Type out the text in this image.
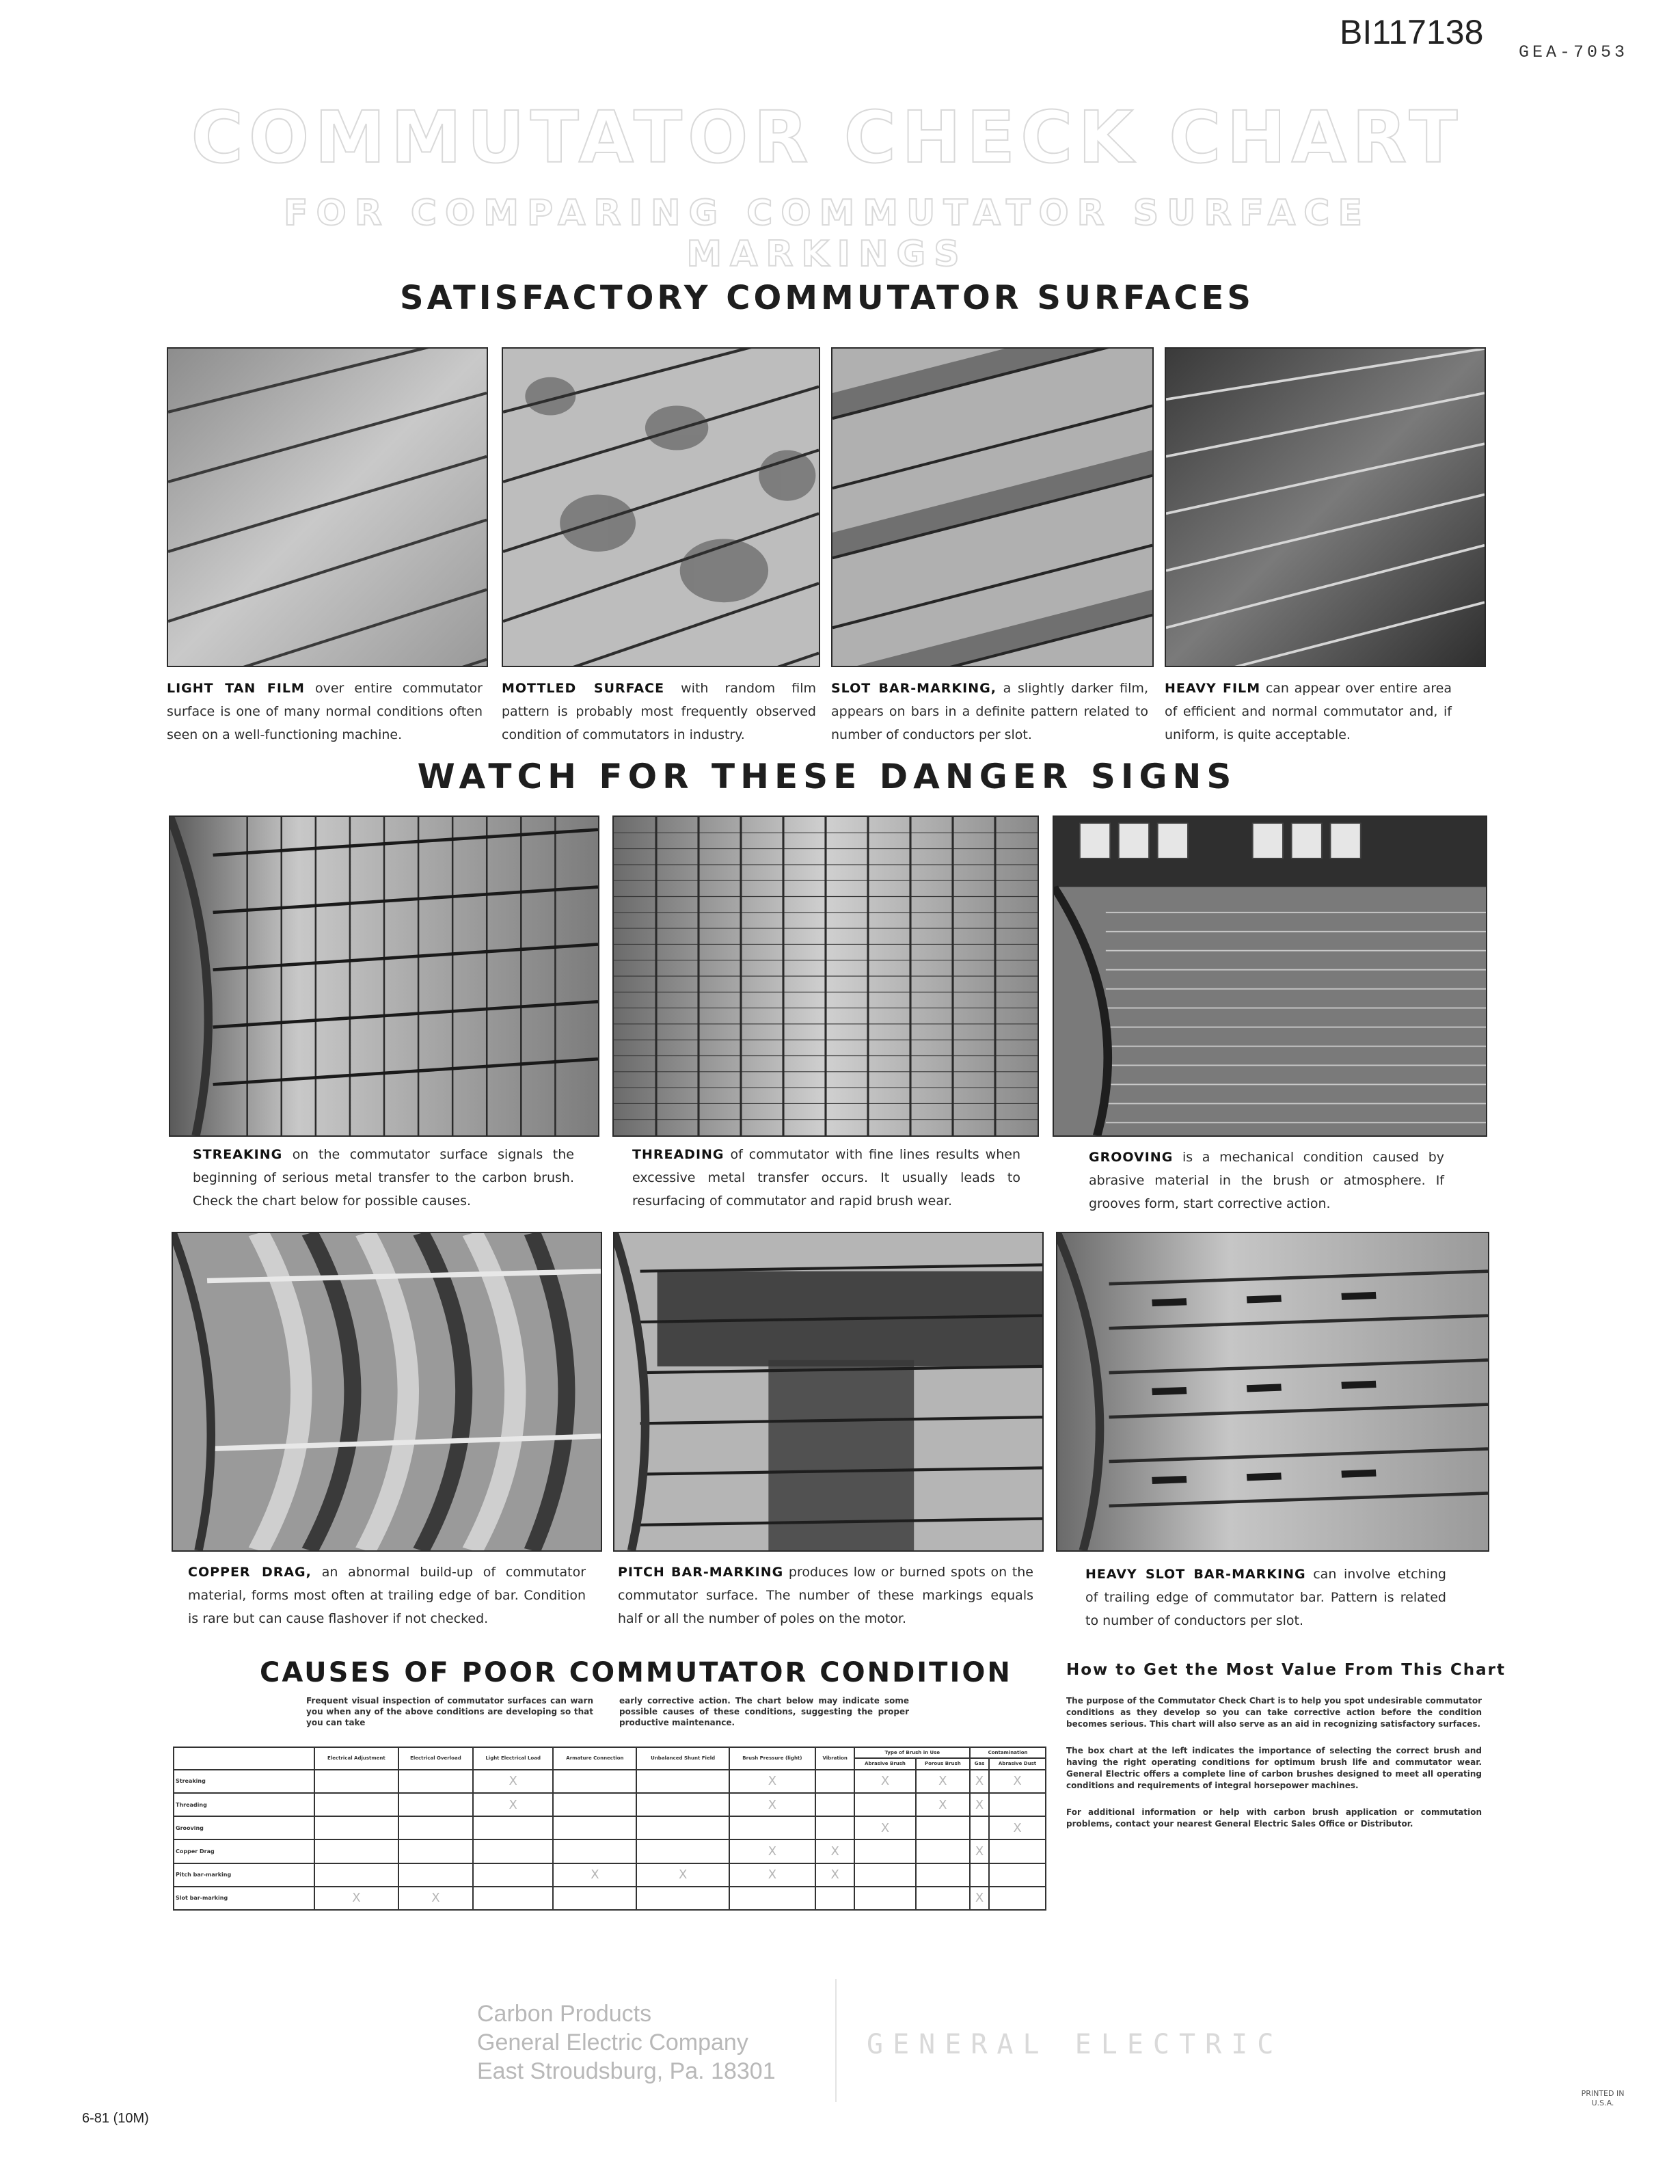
BI117138
GEA-7053
COMMUTATOR CHECK CHART
FOR COMPARING COMMUTATOR SURFACE MARKINGS
SATISFACTORY COMMUTATOR SURFACES
LIGHT TAN FILM over entire commutator surface is one of many normal conditions often seen on a well-functioning machine.
MOTTLED SURFACE with random film pattern is probably most frequently observed condition of commutators in industry.
SLOT BAR-MARKING, a slightly darker film, appears on bars in a definite pattern related to number of conductors per slot.
HEAVY FILM can appear over entire area of efficient and normal commutator and, if uniform, is quite acceptable.
WATCH FOR THESE DANGER SIGNS
STREAKING on the commutator surface signals the beginning of serious metal transfer to the carbon brush. Check the chart below for possible causes.
THREADING of commutator with fine lines results when excessive metal transfer occurs. It usually leads to resurfacing of commutator and rapid brush wear.
GROOVING is a mechanical condition caused by abrasive material in the brush or atmosphere. If grooves form, start corrective action.
COPPER DRAG, an abnormal build-up of commutator material, forms most often at trailing edge of bar. Condition is rare but can cause flashover if not checked.
PITCH BAR-MARKING produces low or burned spots on the commutator surface. The number of these markings equals half or all the number of poles on the motor.
HEAVY SLOT BAR-MARKING can involve etching of trailing edge of commutator bar. Pattern is related to number of conductors per slot.
CAUSES OF POOR COMMUTATOR CONDITION
Frequent visual inspection of commutator surfaces can warn you when any of the above conditions are developing so that you can take
early corrective action. The chart below may indicate some possible causes of these conditions, suggesting the proper productive maintenance.
	Electrical Adjustment	Electrical Overload	Light Electrical Load	Armature Connection	Unbalanced Shunt Field	Brush Pressure (light)	Vibration	Type of Brush in Use		Contamination	
								Abrasive Brush	Porous Brush	Gas	Abrasive Dust
Streaking			X			X		X	X	X	X
Threading			X			X			X	X	
Grooving								X			X
Copper Drag						X	X			X	
Pitch bar-marking				X	X	X	X				
Slot bar-marking	X	X								X	
How to Get the Most Value From This Chart

The purpose of the Commutator Check Chart is to help you spot undesirable commutator conditions as they develop so you can take corrective action before the condition becomes serious. This chart will also serve as an aid in recognizing satisfactory surfaces.

The box chart at the left indicates the importance of selecting the correct brush and having the right operating conditions for optimum brush life and commutator wear. General Electric offers a complete line of carbon brushes designed to meet all operating conditions and requirements of integral horsepower machines.

For additional information or help with carbon brush application or commutation problems, contact your nearest General Electric Sales Office or Distributor.

Carbon Products
General Electric Company
East Stroudsburg, Pa. 18301
GENERAL ELECTRIC
6-81 (10M)
PRINTED IN U.S.A.
